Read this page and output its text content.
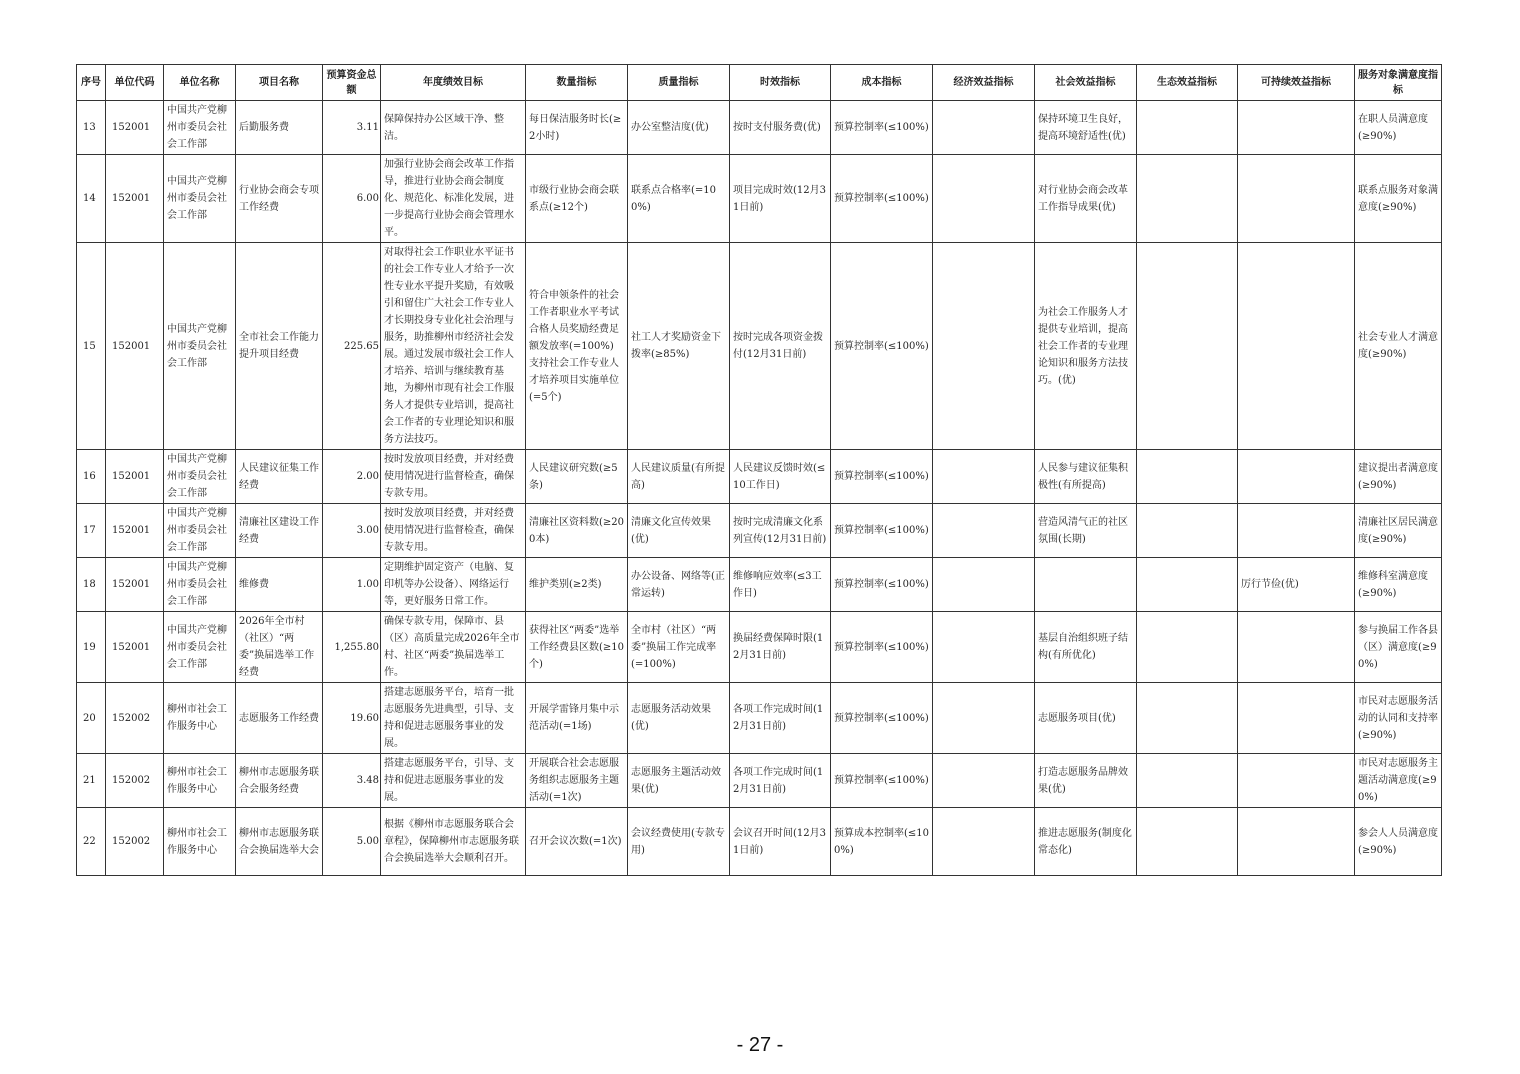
序号	单位代码	单位名称	项目名称	预算资金总额	年度绩效目标	数量指标	质量指标	时效指标	成本指标	经济效益指标	社会效益指标	生态效益指标	可持续效益指标	服务对象满意度指标
13	152001	中国共产党柳州市委员会社会工作部	后勤服务费	3.11	保障保持办公区域干净、整洁。	每日保洁服务时长(≥2小时)	办公室整洁度(优)	按时支付服务费(优)	预算控制率(≤100%)		保持环境卫生良好，提高环境舒适性(优)			在职人员满意度(≥90%)
14	152001	中国共产党柳州市委员会社会工作部	行业协会商会专项工作经费	6.00	加强行业协会商会改革工作指导，推进行业协会商会制度化、规范化、标准化发展，进一步提高行业协会商会管理水平。	市级行业协会商会联系点(≥12个)	联系点合格率(=100%)	项目完成时效(12月31日前)	预算控制率(≤100%)		对行业协会商会改革工作指导成果(优)			联系点服务对象满意度(≥90%)
15	152001	中国共产党柳州市委员会社会工作部	全市社会工作能力提升项目经费	225.65	对取得社会工作职业水平证书的社会工作专业人才给予一次性专业水平提升奖励，有效吸引和留住广大社会工作专业人才长期投身专业化社会治理与服务，助推柳州市经济社会发展。通过发展市级社会工作人才培养、培训与继续教育基地，为柳州市现有社会工作服务人才提供专业培训，提高社会工作者的专业理论知识和服务方法技巧。	符合申领条件的社会工作者职业水平考试合格人员奖励经费足额发放率(=100%) 支持社会工作专业人才培养项目实施单位(=5个)	社工人才奖励资金下拨率(≥85%)	按时完成各项资金拨付(12月31日前)	预算控制率(≤100%)		为社会工作服务人才提供专业培训，提高社会工作者的专业理论知识和服务方法技巧。(优)			社会专业人才满意度(≥90%)
16	152001	中国共产党柳州市委员会社会工作部	人民建议征集工作经费	2.00	按时发放项目经费，并对经费使用情况进行监督检查，确保专款专用。	人民建议研究数(≥5条)	人民建议质量(有所提高)	人民建议反馈时效(≤10工作日)	预算控制率(≤100%)		人民参与建议征集积极性(有所提高)			建议提出者满意度(≥90%)
17	152001	中国共产党柳州市委员会社会工作部	清廉社区建设工作经费	3.00	按时发放项目经费，并对经费使用情况进行监督检查，确保专款专用。	清廉社区资料数(≥200本)	清廉文化宣传效果(优)	按时完成清廉文化系列宣传(12月31日前)	预算控制率(≤100%)		营造风清气正的社区氛围(长期)			清廉社区居民满意度(≥90%)
18	152001	中国共产党柳州市委员会社会工作部	维修费	1.00	定期维护固定资产（电脑、复印机等办公设备）、网络运行等，更好服务日常工作。	维护类别(≥2类)	办公设备、网络等(正常运转)	维修响应效率(≤3工作日)	预算控制率(≤100%)				厉行节俭(优)	维修科室满意度(≥90%)
19	152001	中国共产党柳州市委员会社会工作部	2026年全市村（社区）“两委”换届选举工作经费	1,255.80	确保专款专用，保障市、县（区）高质量完成2026年全市村、社区“两委”换届选举工作。	获得社区“两委”选举工作经费县区数(≥10个)	全市村（社区）“两委”换届工作完成率(=100%)	换届经费保障时限(12月31日前)	预算控制率(≤100%)		基层自治组织班子结构(有所优化)			参与换届工作各县（区）满意度(≥90%)
20	152002	柳州市社会工作服务中心	志愿服务工作经费	19.60	搭建志愿服务平台，培育一批志愿服务先进典型，引导、支持和促进志愿服务事业的发展。	开展学雷锋月集中示范活动(=1场)	志愿服务活动效果(优)	各项工作完成时间(12月31日前)	预算控制率(≤100%)		志愿服务项目(优)			市民对志愿服务活动的认同和支持率(≥90%)
21	152002	柳州市社会工作服务中心	柳州市志愿服务联合会服务经费	3.48	搭建志愿服务平台，引导、支持和促进志愿服务事业的发展。	开展联合社会志愿服务组织志愿服务主题活动(=1次)	志愿服务主题活动效果(优)	各项工作完成时间(12月31日前)	预算控制率(≤100%)		打造志愿服务品牌效果(优)			市民对志愿服务主题活动满意度(≥90%)
22	152002	柳州市社会工作服务中心	柳州市志愿服务联合会换届选举大会	5.00	根据《柳州市志愿服务联合会章程》，保障柳州市志愿服务联合会换届选举大会顺利召开。	召开会议次数(=1次)	会议经费使用(专款专用)	会议召开时间(12月31日前)	预算成本控制率(≤100%)		推进志愿服务(制度化常态化)			参会人人员满意度(≥90%)
- 27 -
